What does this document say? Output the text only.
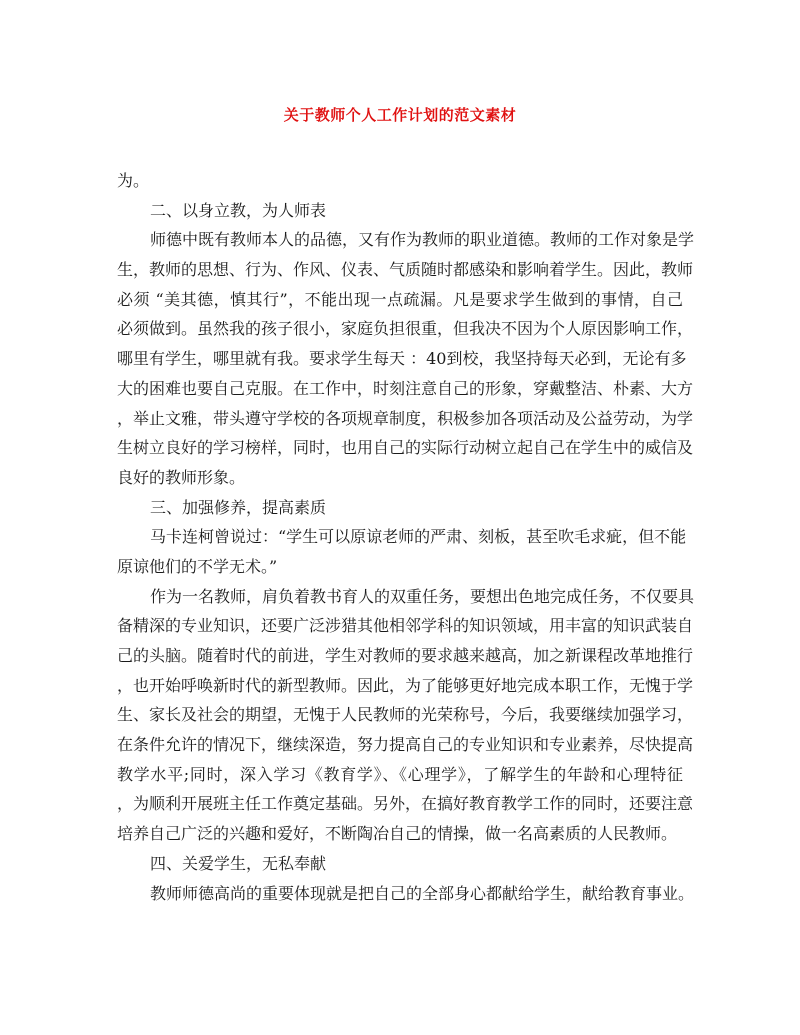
关于教师个人工作计划的范文素材
为。
二、以身立教，为人师表
师德中既有教师本人的品德，又有作为教师的职业道德。教师的工作对象是学
生，教师的思想、行为、作风、仪表、气质随时都感染和影响着学生。因此，教师
必须 “美其德，慎其行”，不能出现一点疏漏。凡是要求学生做到的事情，自己
必须做到。虽然我的孩子很小，家庭负担很重，但我决不因为个人原因影响工作，
哪里有学生，哪里就有我。要求学生每天 ：40到校，我坚持每天必到，无论有多
大的困难也要自己克服。在工作中，时刻注意自己的形象，穿戴整洁、朴素、大方
，举止文雅，带头遵守学校的各项规章制度，积极参加各项活动及公益劳动，为学
生树立良好的学习榜样，同时，也用自己的实际行动树立起自己在学生中的威信及
良好的教师形象。
三、加强修养，提高素质
马卡连柯曾说过：“学生可以原谅老师的严肃、刻板，甚至吹毛求疵，但不能
原谅他们的不学无术。”
作为一名教师，肩负着教书育人的双重任务，要想出色地完成任务，不仅要具
备精深的专业知识，还要广泛涉猎其他相邻学科的知识领域，用丰富的知识武装自
己的头脑。随着时代的前进，学生对教师的要求越来越高，加之新课程改革地推行
，也开始呼唤新时代的新型教师。因此，为了能够更好地完成本职工作，无愧于学
生、家长及社会的期望，无愧于人民教师的光荣称号，今后，我要继续加强学习，
在条件允许的情况下，继续深造，努力提高自己的专业知识和专业素养，尽快提高
教学水平;同时，深入学习《教育学》、《心理学》，了解学生的年龄和心理特征
，为顺利开展班主任工作奠定基础。另外，在搞好教育教学工作的同时，还要注意
培养自己广泛的兴趣和爱好，不断陶冶自己的情操，做一名高素质的人民教师。
四、关爱学生，无私奉献
教师师德高尚的重要体现就是把自己的全部身心都献给学生，献给教育事业。
